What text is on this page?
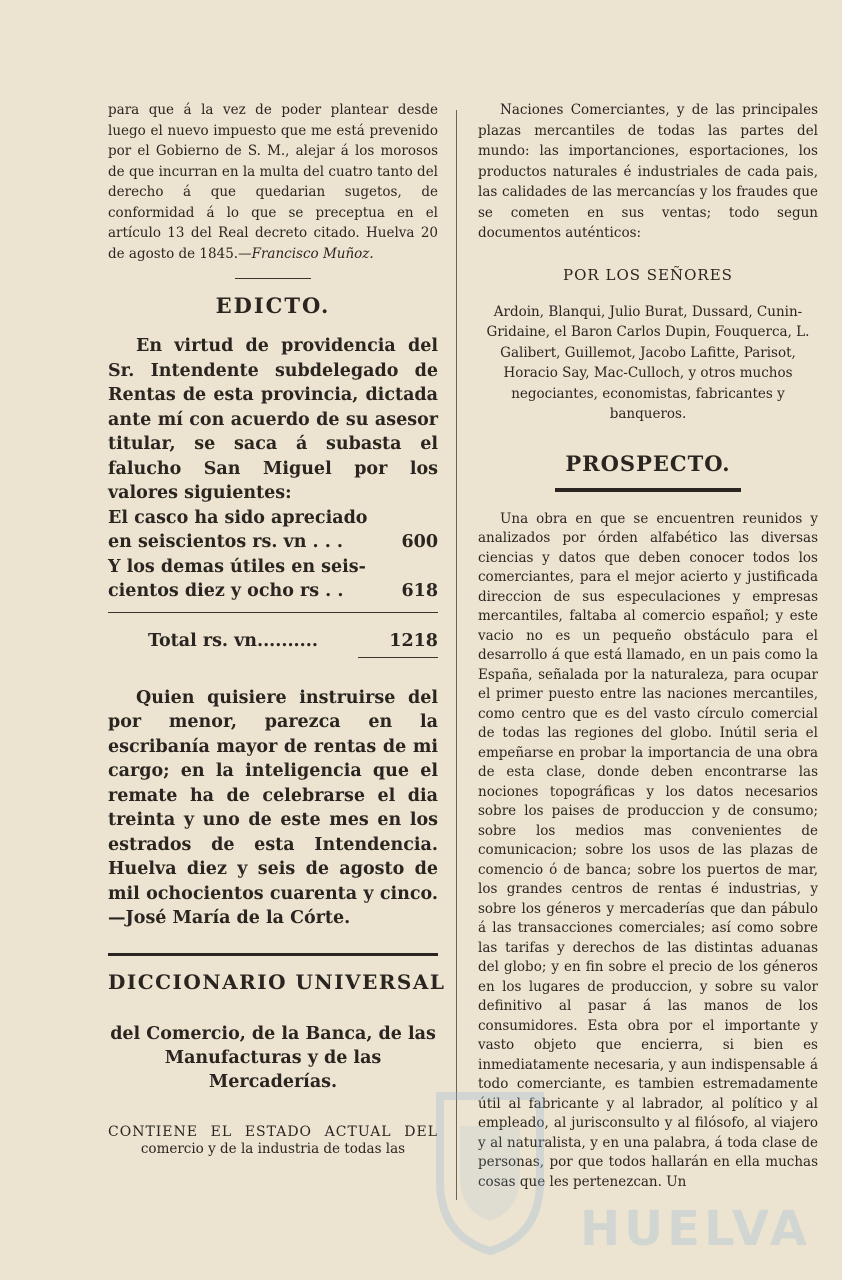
para que á la vez de poder plantear desde luego el nuevo impuesto que me está prevenido por el Gobierno de S. M., alejar á los morosos de que incurran en la multa del cuatro tanto del derecho á que quedarian sugetos, de conformidad á lo que se preceptua en el artículo 13 del Real decreto citado. Huelva 20 de agosto de 1845.—Francisco Muñoz.
EDICTO.

En virtud de providencia del Sr. Intendente subdelegado de Rentas de esta provincia, dictada ante mí con acuerdo de su asesor titular, se saca á subasta el falucho San Miguel por los valores siguientes:

El casco ha sido apreciado
en seiscientos rs. vn . . .	600
Y los demas útiles en seis-
cientos diez y ocho rs . .	618
Total rs. vn..........	1218
Quien quisiere instruirse del por menor, parezca en la escribanía mayor de rentas de mi cargo; en la inteligencia que el remate ha de celebrarse el dia treinta y uno de este mes en los estrados de esta Intendencia. Huelva diez y seis de agosto de mil ochocientos cuarenta y cinco.—José María de la Córte.
DICCIONARIO UNIVERSAL
del Comercio, de la Banca, de las Manufacturas y de las Mercaderías.
CONTIENE EL ESTADO ACTUAL DEL
comercio y de la industria de todas las
Naciones Comerciantes, y de las principales plazas mercantiles de todas las partes del mundo: las importanciones, esportaciones, los productos naturales é industriales de cada pais, las calidades de las mercancías y los fraudes que se cometen en sus ventas; todo segun documentos auténticos:
POR LOS SEÑORES
Ardoin, Blanqui, Julio Burat, Dussard, Cunin-Gridaine, el Baron Carlos Dupin, Fouquerca, L. Galibert, Guillemot, Jacobo Lafitte, Parisot, Horacio Say, Mac-Culloch, y otros muchos negociantes, economistas, fabricantes y banqueros.
PROSPECTO.

Una obra en que se encuentren reunidos y analizados por órden alfabético las diversas ciencias y datos que deben conocer todos los comerciantes, para el mejor acierto y justificada direccion de sus especulaciones y empresas mercantiles, faltaba al comercio español; y este vacio no es un pequeño obstáculo para el desarrollo á que está llamado, en un pais como la España, señalada por la naturaleza, para ocupar el primer puesto entre las naciones mercantiles, como centro que es del vasto círculo comercial de todas las regiones del globo. Inútil seria el empeñarse en probar la importancia de una obra de esta clase, donde deben encontrarse las nociones topográficas y los datos necesarios sobre los paises de produccion y de consumo; sobre los medios mas convenientes de comunicacion; sobre los usos de las plazas de comencio ó de banca; sobre los puertos de mar, los grandes centros de rentas é industrias, y sobre los géneros y mercaderías que dan pábulo á las transacciones comerciales; así como sobre las tarifas y derechos de las distintas aduanas del globo; y en fin sobre el precio de los géneros en los lugares de produccion, y sobre su valor definitivo al pasar á las manos de los consumidores. Esta obra por el importante y vasto objeto que encierra, si bien es inmediatamente necesaria, y aun indispensable á todo comerciante, es tambien estremadamente útil al fabricante y al labrador, al político y al empleado, al jurisconsulto y al filósofo, al viajero y al naturalista, y en una palabra, á toda clase de personas, por que todos hallarán en ella muchas cosas que les pertenezcan. Un

HUELVA
